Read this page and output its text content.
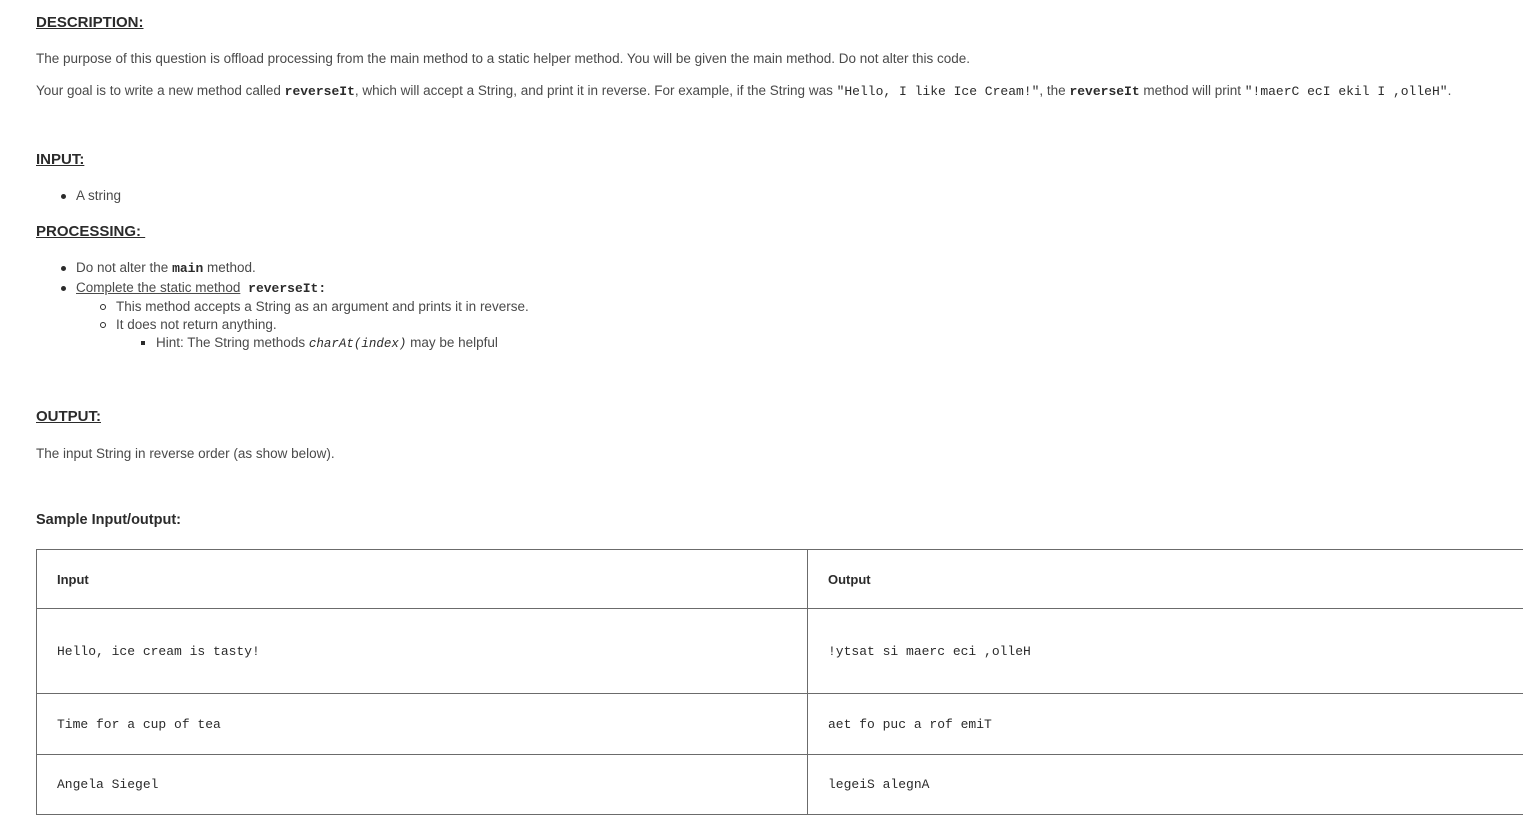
DESCRIPTION:
The purpose of this question is offload processing from the main method to a static helper method. You will be given the main method. Do not alter this code.
Your goal is to write a new method called reverseIt, which will accept a String, and print it in reverse. For example, if the String was "Hello, I like Ice Cream!", the reverseIt method will print "!maerC ecI ekil I ,olleH".
INPUT:
A string
PROCESSING:
Do not alter the main method.
Complete the static method reverseIt:
This method accepts a String as an argument and prints it in reverse.
It does not return anything.
Hint: The String methods charAt(index) may be helpful
OUTPUT:
The input String in reverse order (as show below).
Sample Input/output:
Input	Output
Hello, ice cream is tasty!	!ytsat si maerc eci ,olleH
Time for a cup of tea	aet fo puc a rof emiT
Angela Siegel	legeiS alegnA
